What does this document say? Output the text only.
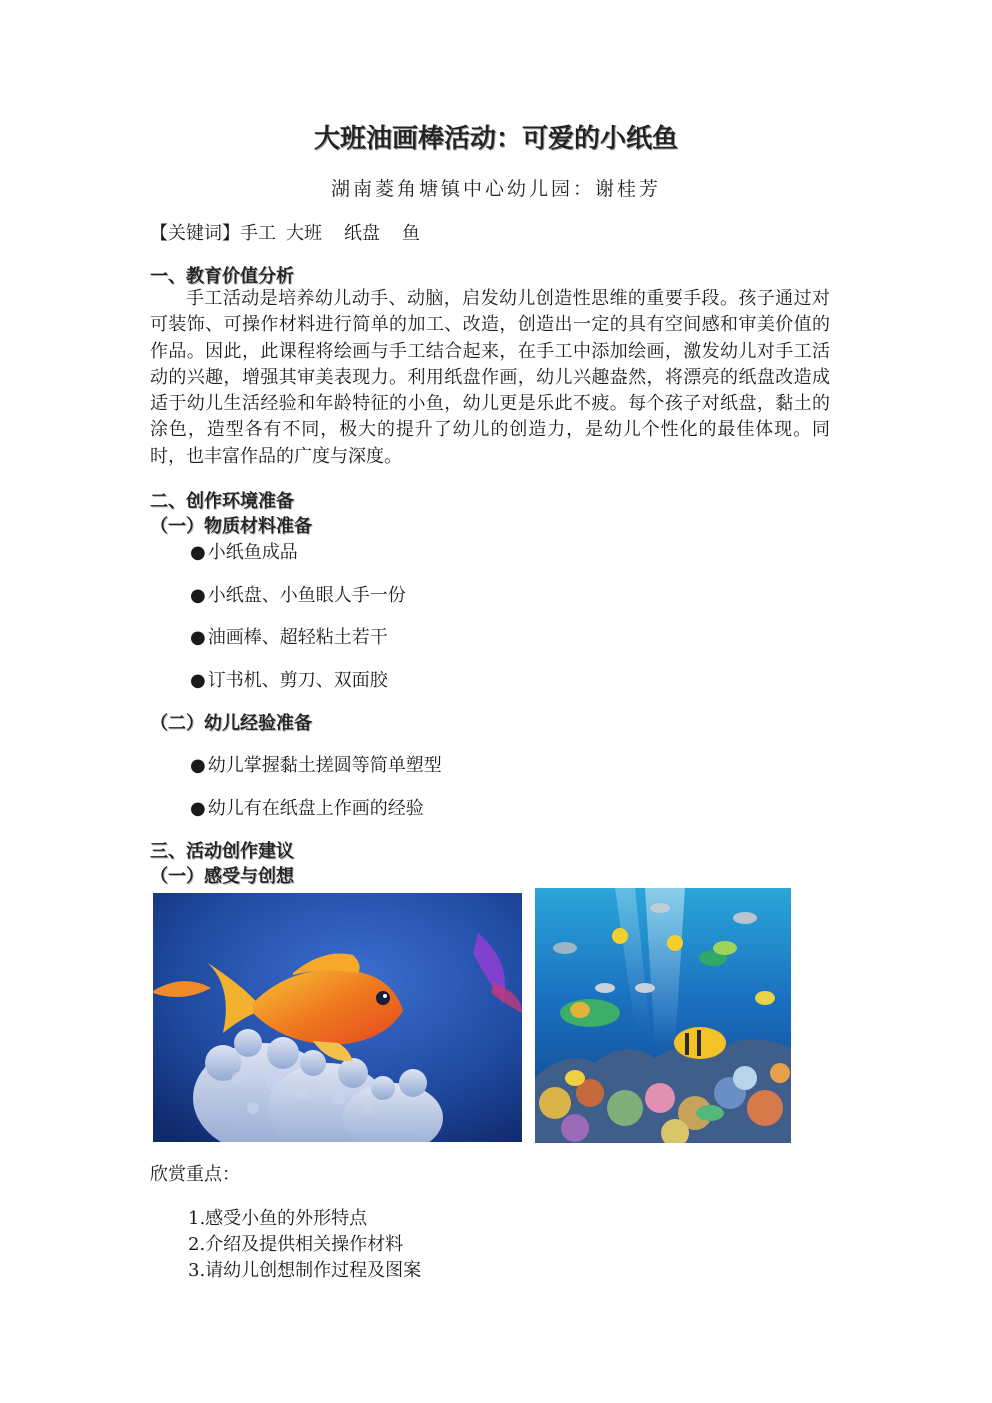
大班油画棒活动：可爱的小纸鱼
湖南菱角塘镇中心幼儿园：谢桂芳
【关键词】手工 大班 纸盘 鱼
一、教育价值分析
手工活动是培养幼儿动手、动脑，启发幼儿创造性思维的重要手段。孩子通过对可装饰、可操作材料进行简单的加工、改造，创造出一定的具有空间感和审美价值的作品。因此，此课程将绘画与手工结合起来，在手工中添加绘画，激发幼儿对手工活动的兴趣，增强其审美表现力。利用纸盘作画，幼儿兴趣盎然，将漂亮的纸盘改造成适于幼儿生活经验和年龄特征的小鱼，幼儿更是乐此不疲。每个孩子对纸盘，黏土的涂色，造型各有不同，极大的提升了幼儿的创造力，是幼儿个性化的最佳体现。同时，也丰富作品的广度与深度。
二、创作环境准备
（一）物质材料准备
● 小纸鱼成品
● 小纸盘、小鱼眼人手一份
● 油画棒、超轻粘土若干
● 订书机、剪刀、双面胶
（二）幼儿经验准备
● 幼儿掌握黏土搓圆等简单塑型
● 幼儿有在纸盘上作画的经验
三、活动创作建议
（一）感受与创想
欣赏重点：
1.感受小鱼的外形特点
2.介绍及提供相关操作材料
3.请幼儿创想制作过程及图案
